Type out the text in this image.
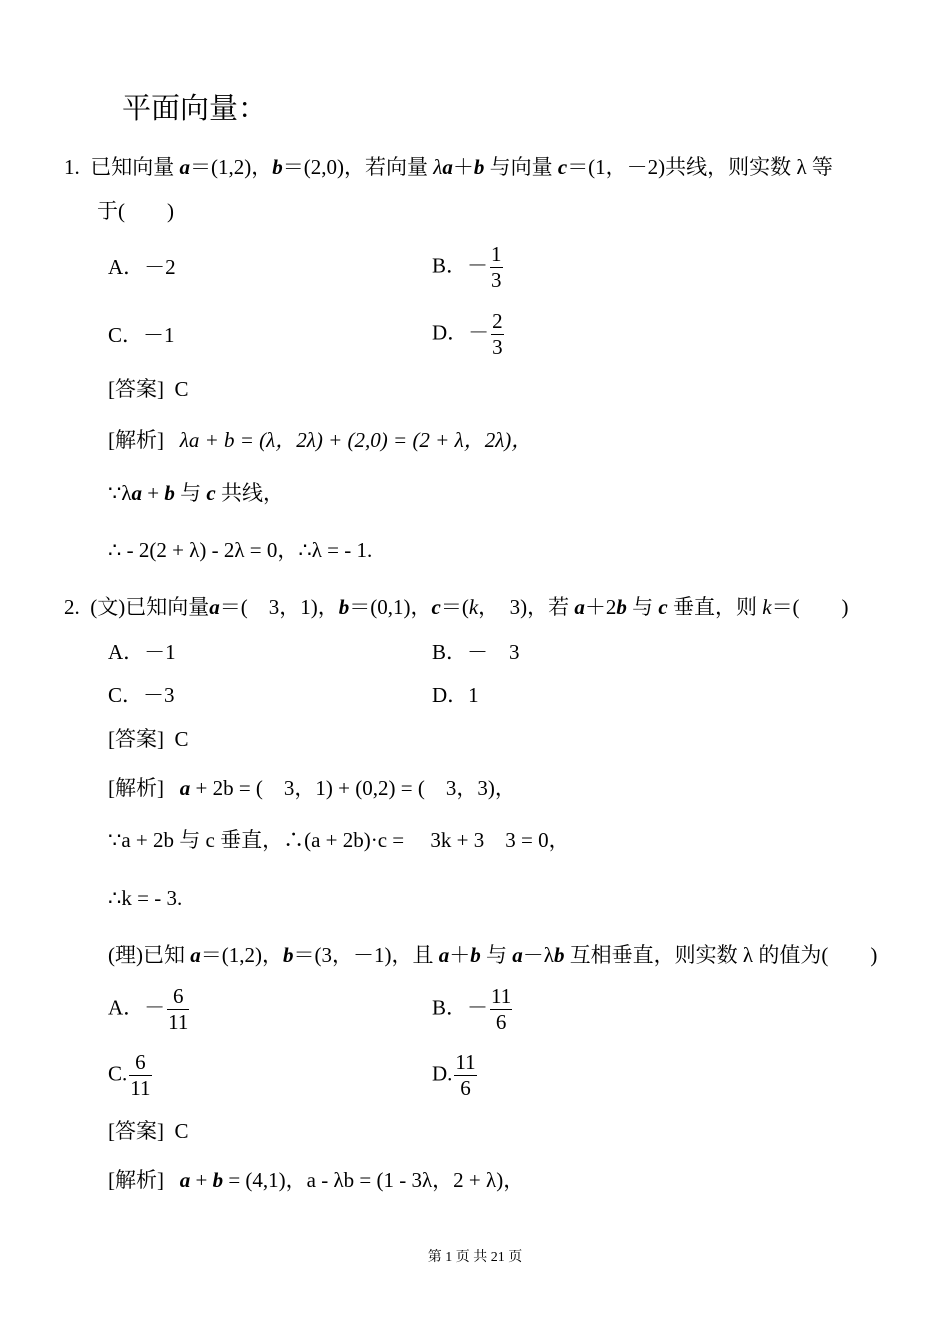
平面向量：
1. 已知向量 a＝(1,2)，b＝(2,0)，若向量 λa＋b 与向量 c＝(1，－2)共线，则实数 λ 等
于(　　)
A．－2	B．－ $\frac{1}{3}$
C．－1	D．－ $\frac{2}{3}$
[答案] C
[解析] λa + b = (λ，2λ) + (2,0) = (2 + λ，2λ)，
∵λa + b 与 c 共线，
∴ - 2(2 + λ) - 2λ = 0，∴λ = - 1.
2. (文)已知向量a＝(　3，1)，b＝(0,1)，c＝(k，　3)，若 a＋2b 与 c 垂直，则 k＝(　　)
A．－1	B．－　3
C．－3	D．1
[答案] C
[解析] a + 2b = (　3，1) + (0,2) = (　3，3)，
∵a + 2b 与 c 垂直，∴(a + 2b)·c = 　3k + 3　3 = 0，
∴k = - 3.
(理)已知 a＝(1,2)，b＝(3，－1)，且 a＋b 与 a－λb 互相垂直，则实数 λ 的值为(　　)
A．－ $\frac{6}{11}$	B．－ $\frac{11}{6}$
C. $\frac{6}{11}$	D. $\frac{11}{6}$
[答案] C
[解析] a + b = (4,1)，a - λb = (1 - 3λ，2 + λ)，
第 1 页 共 21 页
